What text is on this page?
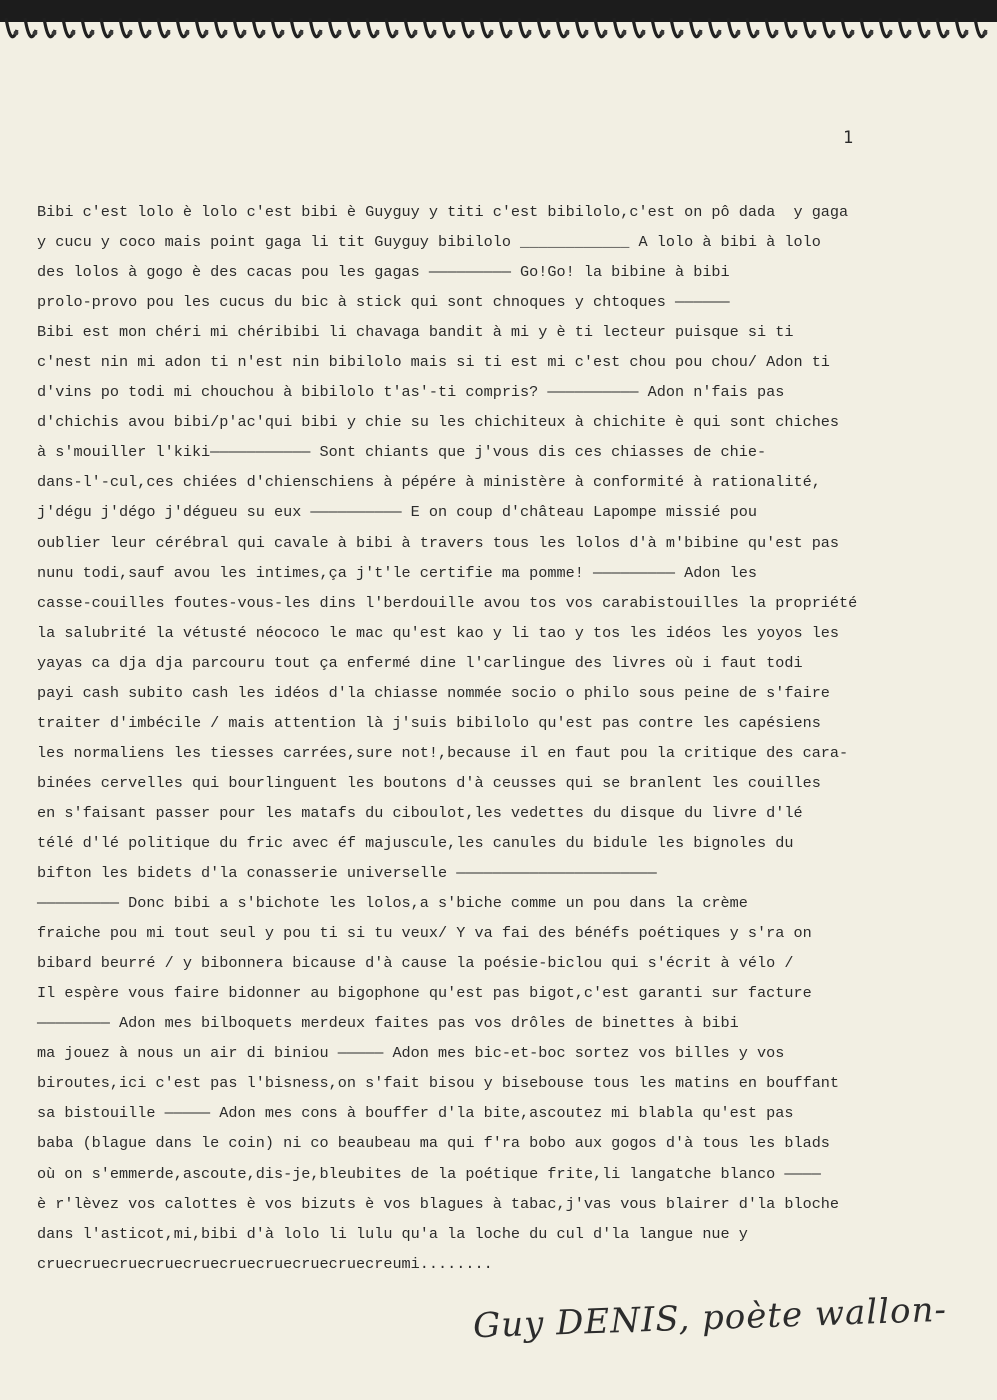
1
Bibi c'est lolo è lolo c'est bibi è Guyguy y titi c'est bibilolo,c'est on pô dada  y gaga
y cucu y coco mais point gaga li tit Guyguy bibilolo ____________ A lolo à bibi à lolo
des lolos à gogo è des cacas pou les gagas ————————— Go!Go! la bibine à bibi
prolo-provo pou les cucus du bic à stick qui sont chnoques y chtoques ——————
Bibi est mon chéri mi chéribibi li chavaga bandit à mi y è ti lecteur puisque si ti
c'nest nin mi adon ti n'est nin bibilolo mais si ti est mi c'est chou pou chou/ Adon ti
d'vins po todi mi chouchou à bibilolo t'as'-ti compris? —————————— Adon n'fais pas
d'chichis avou bibi/p'ac'qui bibi y chie su les chichiteux à chichite è qui sont chiches
à s'mouiller l'kiki——————————— Sont chiants que j'vous dis ces chiasses de chie-
dans-l'-cul,ces chiées d'chienschiens à pépére à ministère à conformité à rationalité,
j'dégu j'dégo j'dégueu su eux —————————— E on coup d'château Lapompe missié pou
oublier leur cérébral qui cavale à bibi à travers tous les lolos d'à m'bibine qu'est pas
nunu todi,sauf avou les intimes,ça j't'le certifie ma pomme! ————————— Adon les
casse-couilles foutes-vous-les dins l'berdouille avou tos vos carabistouilles la propriété
la salubrité la vétusté néococo le mac qu'est kao y li tao y tos les idéos les yoyos les
yayas ca dja dja parcouru tout ça enfermé dine l'carlingue des livres où i faut todi
payi cash subito cash les idéos d'la chiasse nommée socio o philo sous peine de s'faire
traiter d'imbécile / mais attention là j'suis bibilolo qu'est pas contre les capésiens
les normaliens les tiesses carrées,sure not!,because il en faut pou la critique des cara-
binées cervelles qui bourlinguent les boutons d'à ceusses qui se branlent les couilles
en s'faisant passer pour les matafs du ciboulot,les vedettes du disque du livre d'lé
télé d'lé politique du fric avec éf majuscule,les canules du bidule les bignoles du
bifton les bidets d'la conasserie universelle ——————————————————————
————————— Donc bibi a s'bichote les lolos,a s'biche comme un pou dans la crème
fraiche pou mi tout seul y pou ti si tu veux/ Y va fai des bénéfs poétiques y s'ra on
bibard beurré / y bibonnera bicause d'à cause la poésie-biclou qui s'écrit à vélo /
Il espère vous faire bidonner au bigophone qu'est pas bigot,c'est garanti sur facture
———————— Adon mes bilboquets merdeux faites pas vos drôles de binettes à bibi
ma jouez à nous un air di biniou ————— Adon mes bic-et-boc sortez vos billes y vos
biroutes,ici c'est pas l'bisness,on s'fait bisou y bisebouse tous les matins en bouffant
sa bistouille ————— Adon mes cons à bouffer d'la bite,ascoutez mi blabla qu'est pas
baba (blague dans le coin) ni co beaubeau ma qui f'ra bobo aux gogos d'à tous les blads
où on s'emmerde,ascoute,dis-je,bleubites de la poétique frite,li langatche blanco ————
è r'lèvez vos calottes è vos bizuts è vos blagues à tabac,j'vas vous blairer d'la bloche
dans l'asticot,mi,bibi d'à lolo li lulu qu'a la loche du cul d'la langue nue y
cruecruecruecruecruecruecruecruecruecreumi........
Guy DENIS, poète wallon-
